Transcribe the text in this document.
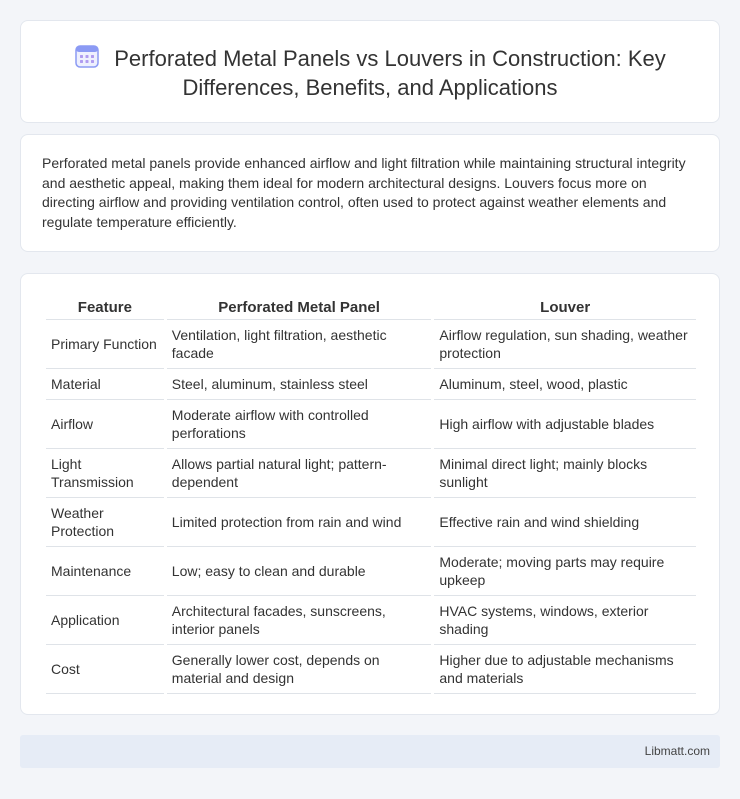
Perforated Metal Panels vs Louvers in Construction: Key Differences, Benefits, and Applications

Perforated metal panels provide enhanced airflow and light filtration while maintaining structural integrity and aesthetic appeal, making them ideal for modern architectural designs. Louvers focus more on directing airflow and providing ventilation control, often used to protect against weather elements and regulate temperature efficiently.

Feature	Perforated Metal Panel	Louver
Primary Function	Ventilation, light filtration, aesthetic facade	Airflow regulation, sun shading, weather protection
Material	Steel, aluminum, stainless steel	Aluminum, steel, wood, plastic
Airflow	Moderate airflow with controlled perforations	High airflow with adjustable blades
Light Transmission	Allows partial natural light; pattern-dependent	Minimal direct light; mainly blocks sunlight
Weather Protection	Limited protection from rain and wind	Effective rain and wind shielding
Maintenance	Low; easy to clean and durable	Moderate; moving parts may require upkeep
Application	Architectural facades, sunscreens, interior panels	HVAC systems, windows, exterior shading
Cost	Generally lower cost, depends on material and design	Higher due to adjustable mechanisms and materials
Libmatt.com
